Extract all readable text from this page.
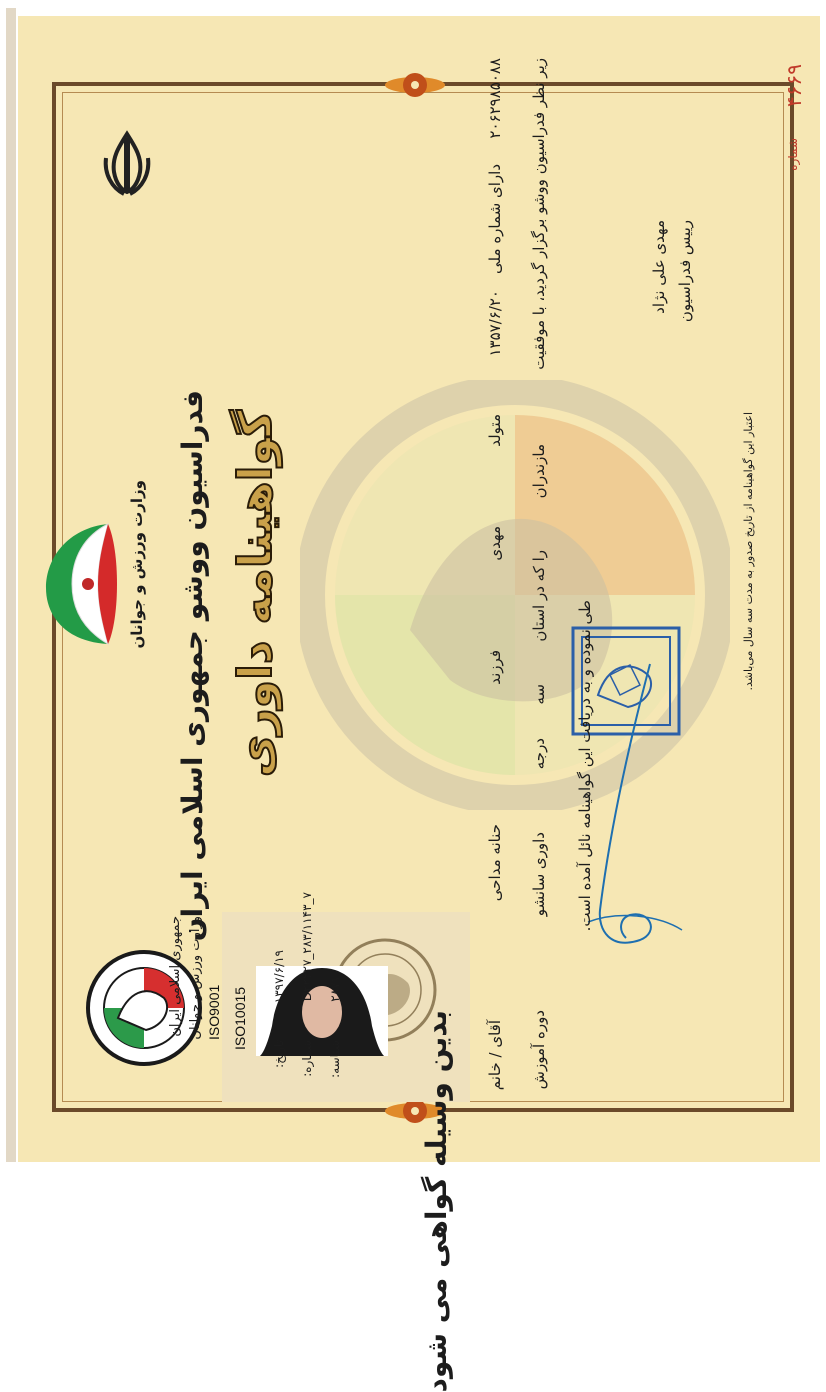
جمهوری اسلامی ایران وزارت ورزش و جوانان
تاریخ:
۱۳۹۷/۶/۱۹
شماره:
D۲۲۲۲۷_۲۸۳/۱۱۴۳_۷
شناسه:
۲۸۷۱
وزارت ورزش و جوانان فدراسیون ووشو جمهوری اسلامی ایران گواهینامه داوری
بدین وسیله گواهی می شود آقای / خانم
حنانه مداحی
فرزند
مهدی
متولد
۱۳۵۷/۶/۲۰
دارای شماره ملی
۲۰۶۲۹۸۵۰۸۸
دوره آموزش
داوری سانشو
درجه
سه
را که در استان
مازندران
زیر نظر فدراسیون ووشو برگزار گردید، با موفقیت
طی نموده و به دریافت این گواهینامه نائل آمده است.
مهدی علی نژاد رییس فدراسیون
اعتبار این گواهینامه از تاریخ صدور به مدت سه سال می‌باشد.
شماره
۴۶۶۹
ISO9001 ISO10015
